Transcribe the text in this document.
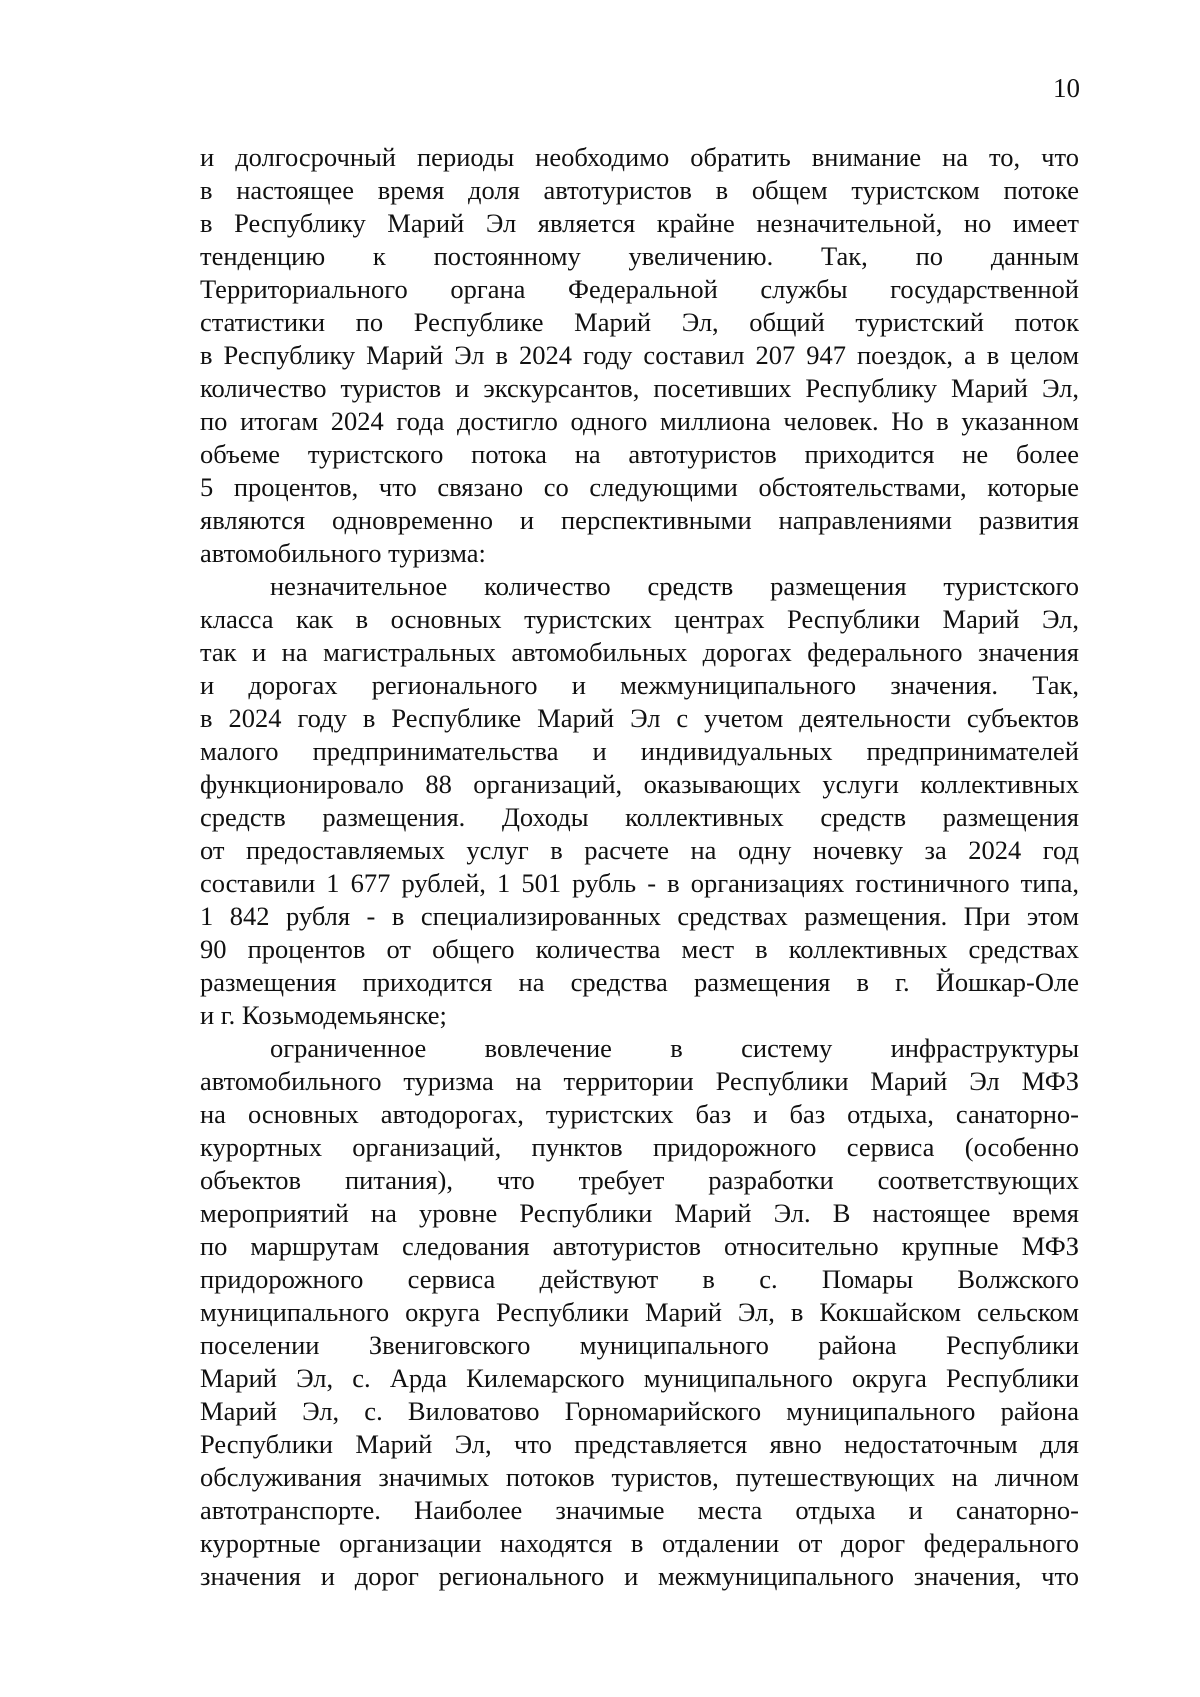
10
и долгосрочный периоды необходимо обратить внимание на то, что
в настоящее время доля автотуристов в общем туристском потоке
в Республику Марий Эл является крайне незначительной, но имеет
тенденцию к постоянному увеличению. Так, по данным
Территориального органа Федеральной службы государственной
статистики по Республике Марий Эл, общий туристский поток
в Республику Марий Эл в 2024 году составил 207 947 поездок, а в целом
количество туристов и экскурсантов, посетивших Республику Марий Эл,
по итогам 2024 года достигло одного миллиона человек. Но в указанном
объеме туристского потока на автотуристов приходится не более
5 процентов, что связано со следующими обстоятельствами, которые
являются одновременно и перспективными направлениями развития
автомобильного туризма:
незначительное количество средств размещения туристского
класса как в основных туристских центрах Республики Марий Эл,
так и на магистральных автомобильных дорогах федерального значения
и дорогах регионального и межмуниципального значения. Так,
в 2024 году в Республике Марий Эл с учетом деятельности субъектов
малого предпринимательства и индивидуальных предпринимателей
функционировало 88 организаций, оказывающих услуги коллективных
средств размещения. Доходы коллективных средств размещения
от предоставляемых услуг в расчете на одну ночевку за 2024 год
составили 1 677 рублей, 1 501 рубль - в организациях гостиничного типа,
1 842 рубля - в специализированных средствах размещения. При этом
90 процентов от общего количества мест в коллективных средствах
размещения приходится на средства размещения в г. Йошкар-Оле
и г. Козьмодемьянске;
ограниченное вовлечение в систему инфраструктуры
автомобильного туризма на территории Республики Марий Эл МФЗ
на основных автодорогах, туристских баз и баз отдыха, санаторно-
курортных организаций, пунктов придорожного сервиса (особенно
объектов питания), что требует разработки соответствующих
мероприятий на уровне Республики Марий Эл. В настоящее время
по маршрутам следования автотуристов относительно крупные МФЗ
придорожного сервиса действуют в с. Помары Волжского
муниципального округа Республики Марий Эл, в Кокшайском сельском
поселении Звениговского муниципального района Республики
Марий Эл, с. Арда Килемарского муниципального округа Республики
Марий Эл, с. Виловатово Горномарийского муниципального района
Республики Марий Эл, что представляется явно недостаточным для
обслуживания значимых потоков туристов, путешествующих на личном
автотранспорте. Наиболее значимые места отдыха и санаторно-
курортные организации находятся в отдалении от дорог федерального
значения и дорог регионального и межмуниципального значения, что
